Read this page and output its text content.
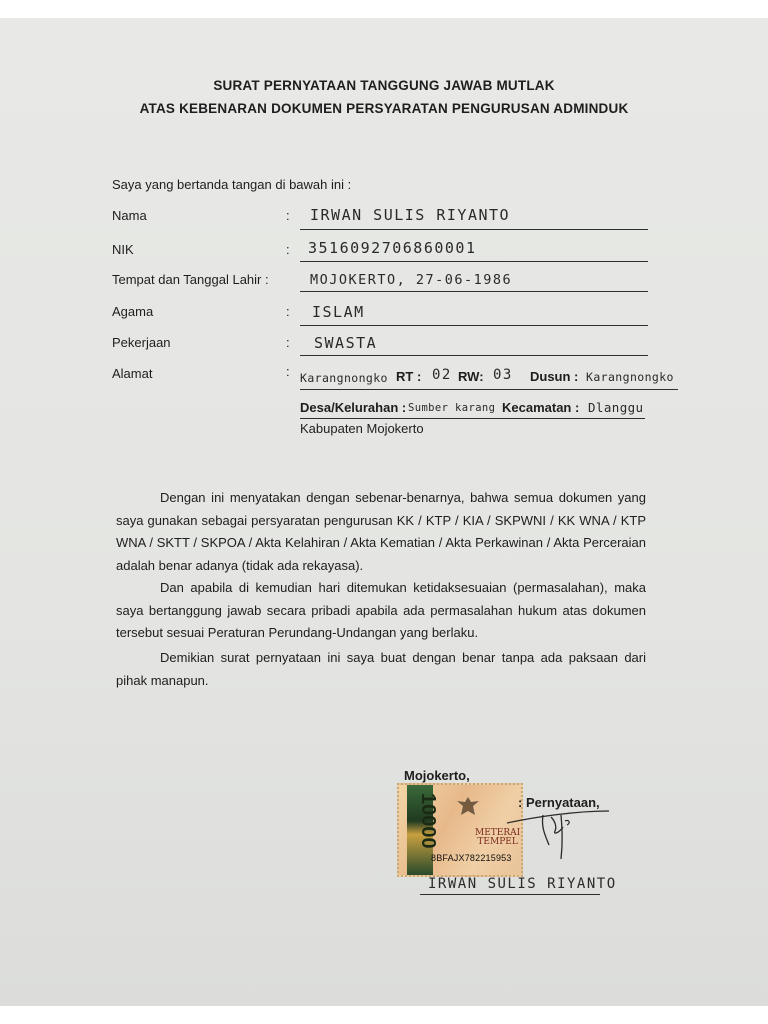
SURAT PERNYATAAN TANGGUNG JAWAB MUTLAK
ATAS KEBENARAN DOKUMEN PERSYARATAN PENGURUSAN ADMINDUK
Saya yang bertanda tangan di bawah ini :
Nama	: IRWAN SULIS RIYANTO
NIK	: 3516092706860001
Tempat dan Tanggal Lahir :	MOJOKERTO, 27-06-1986
Agama	: ISLAM
Pekerjaan	: SWASTA
Alamat	: Karangnongko RT : 02 RW: 03 Dusun : Karangnongko
Desa/Kelurahan : Sumber karang Kecamatan : Dlanggu
Kabupaten Mojokerto
Dengan ini menyatakan dengan sebenar-benarnya, bahwa semua dokumen yang saya gunakan sebagai persyaratan pengurusan KK / KTP / KIA / SKPWNI / KK WNA / KTP WNA / SKTT / SKPOA / Akta Kelahiran / Akta Kematian / Akta Perkawinan / Akta Perceraian adalah benar adanya (tidak ada rekayasa).
Dan apabila di kemudian hari ditemukan ketidaksesuaian (permasalahan), maka saya bertanggung jawab secara pribadi apabila ada permasalahan hukum atas dokumen tersebut sesuai Peraturan Perundang-Undangan yang berlaku.
Demikian surat pernyataan ini saya buat dengan benar tanpa ada paksaan dari pihak manapun.
Mojokerto,
10000	METERAI
TEMPEL
8BFAJX782215953
: Pernyataan,
IRWAN SULIS RIYANTO
